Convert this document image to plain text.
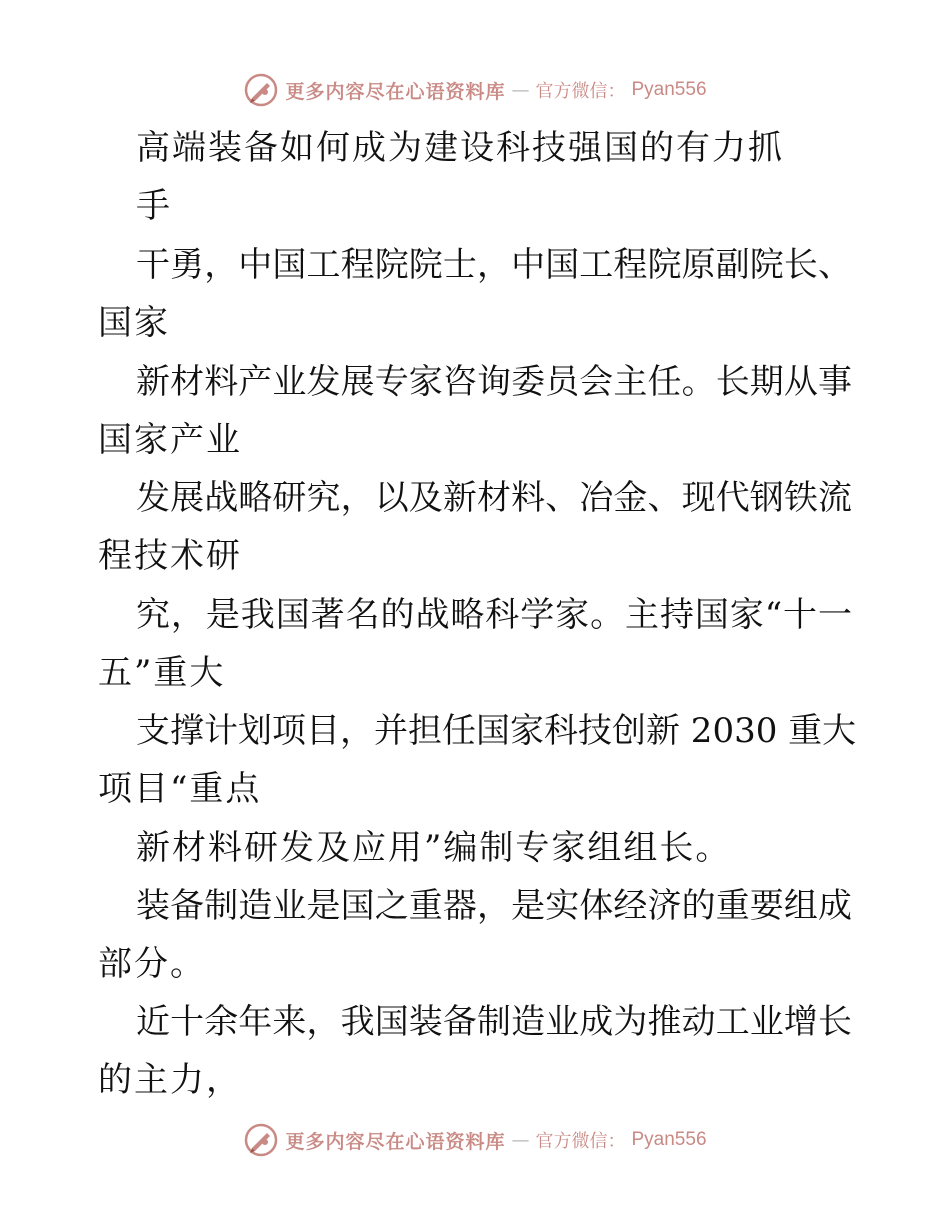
更多内容尽在心语资料库 — 官方微信： Pyan556
高端装备如何成为建设科技强国的有力抓
手
干勇，中国工程院院士，中国工程院原副院长、
国家
新材料产业发展专家咨询委员会主任。长期从事
国家产业
发展战略研究，以及新材料、冶金、现代钢铁流
程技术研
究，是我国著名的战略科学家。主持国家“十一
五”重大
支撑计划项目，并担任国家科技创新 2030 重大
项目“重点
新材料研发及应用”编制专家组组长。
装备制造业是国之重器，是实体经济的重要组成
部分。
近十余年来，我国装备制造业成为推动工业增长
的主力，
更多内容尽在心语资料库 — 官方微信： Pyan556
